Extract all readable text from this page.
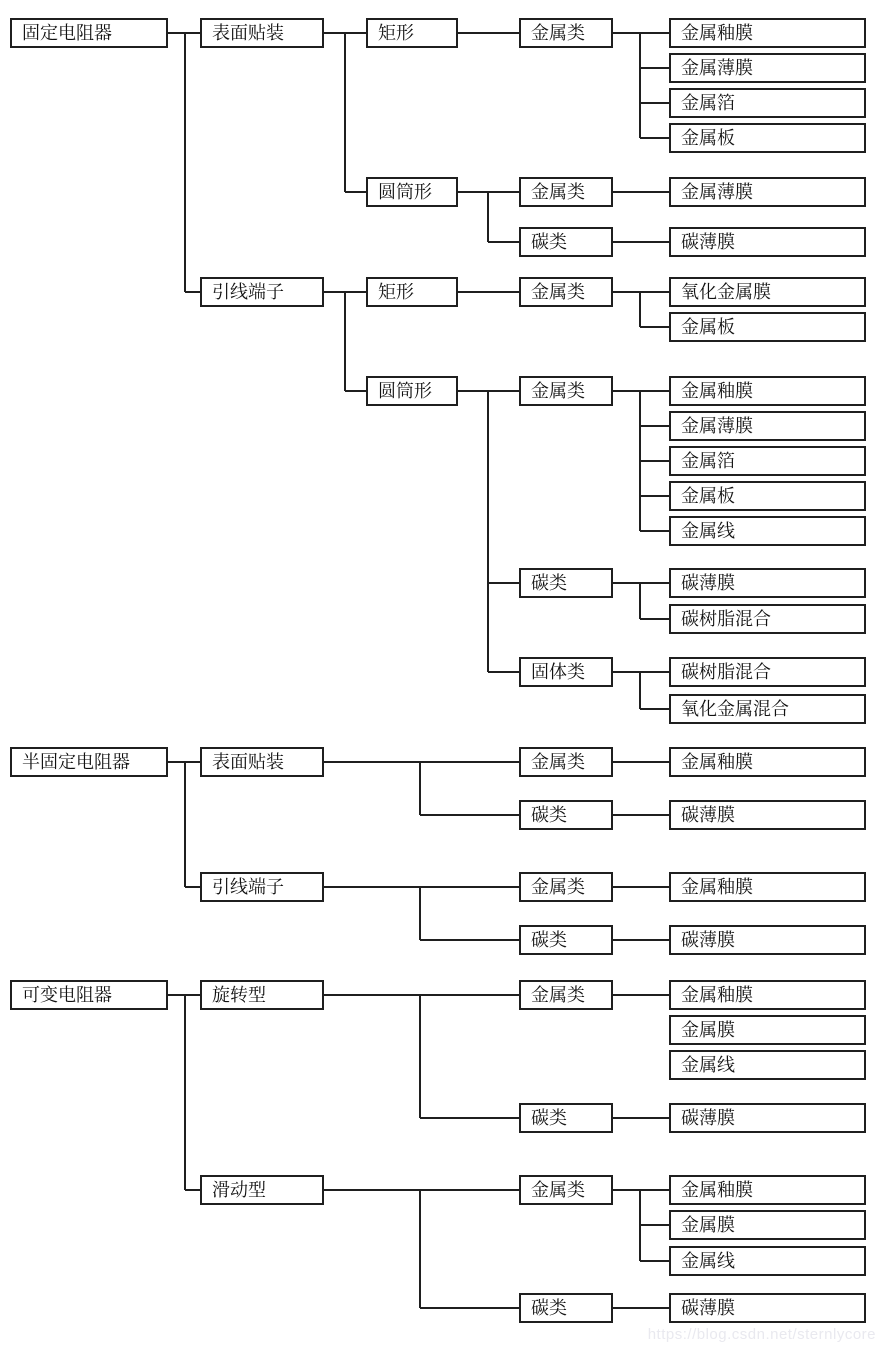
https://blog.csdn.net/sternlycore
固定电阻器	表面贴装	矩形	金属类	金属釉膜
金属薄膜
金属箔
金属板
圆筒形	金属类	金属薄膜
碳类	碳薄膜
引线端子	矩形	金属类	氧化金属膜
金属板
圆筒形	金属类	金属釉膜
金属薄膜
金属箔
金属板
金属线
碳类	碳薄膜
碳树脂混合
固体类	碳树脂混合
氧化金属混合
半固定电阻器	表面贴装	金属类	金属釉膜
碳类	碳薄膜
引线端子	金属类	金属釉膜
碳类	碳薄膜
可变电阻器	旋转型	金属类	金属釉膜
金属膜
金属线
碳类	碳薄膜
滑动型	金属类	金属釉膜
金属膜
金属线
碳类	碳薄膜
